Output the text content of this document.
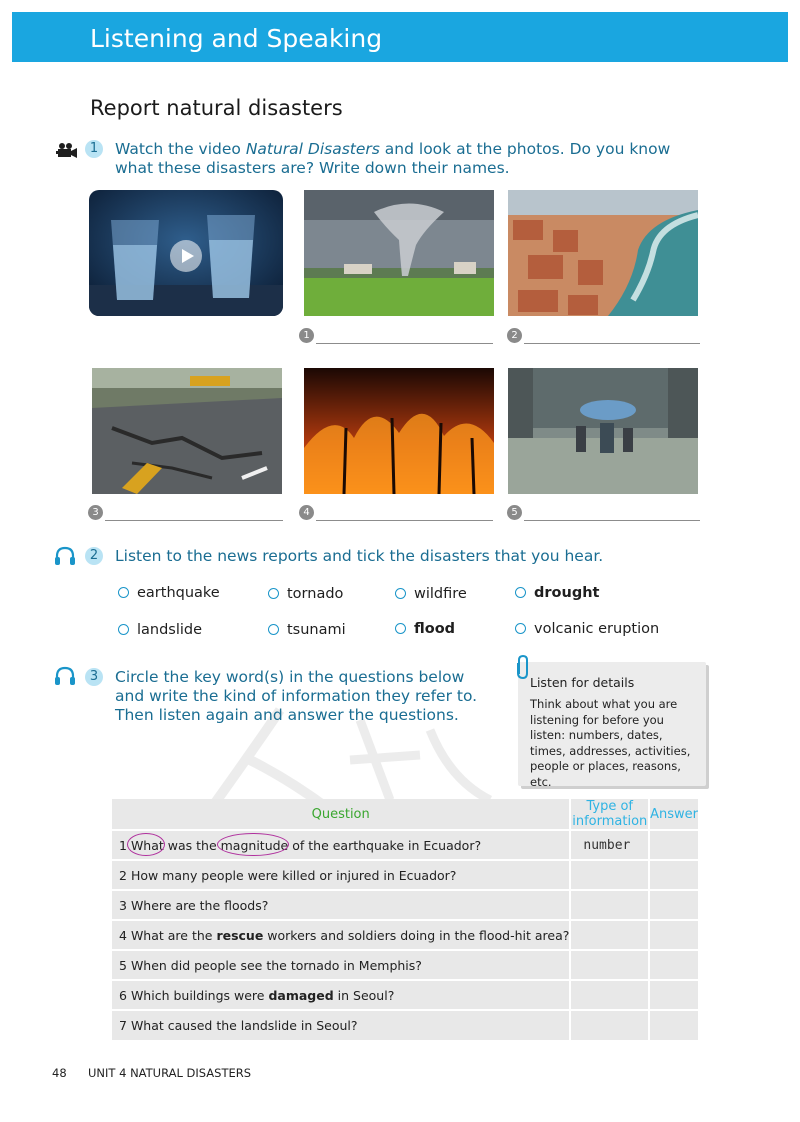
Listening and Speaking
Report natural disasters
1	Watch the video Natural Disasters and look at the photos. Do you know what these disasters are? Write down their names.
1	2
3	4	5
2	Listen to the news reports and tick the disasters that you hear.
earthquake	tornado	wildfire	drought
landslide	tsunami	flood	volcanic eruption
3	Circle the key word(s) in the questions below and write the kind of information they refer to. Then listen again and answer the questions.
Listen for details
Think about what you are listening for before you listen: numbers, dates, times, addresses, activities, people or places, reasons, etc.
Question	Type of information	Answer
1 What
was the magnitude
of the earthquake in Ecuador?	number	
2 How many people were killed or injured in Ecuador?		
3 Where are the floods?		
4 What are the rescue workers and soldiers doing in the flood-hit area?		
5 When did people see the tornado in Memphis?		
6 Which buildings were damaged in Seoul?		
7 What caused the landslide in Seoul?		
48 UNIT 4 NATURAL DISASTERS
